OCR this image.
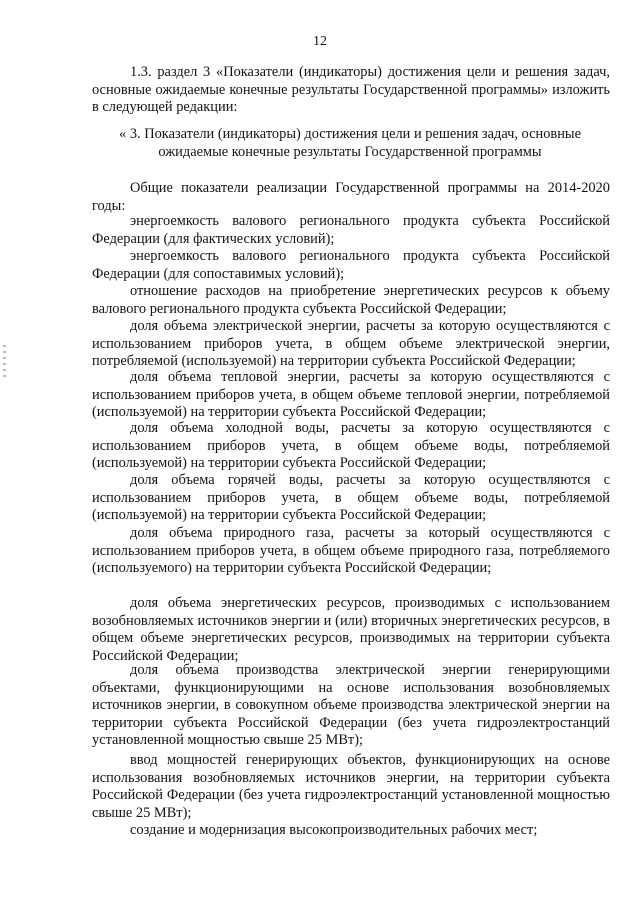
12

1.3. раздел 3 «Показатели (индикаторы) достижения цели и решения задач, основные ожидаемые конечные результаты Государственной программы» изложить в следующей редакции:

« 3. Показатели (индикаторы) достижения цели и решения задач, основные ожидаемые конечные результаты Государственной программы

Общие показатели реализации Государственной программы на 2014-2020 годы:

энергоемкость валового регионального продукта субъекта Российской Федерации (для фактических условий);

энергоемкость валового регионального продукта субъекта Российской Федерации (для сопоставимых условий);

отношение расходов на приобретение энергетических ресурсов к объему валового регионального продукта субъекта Российской Федерации;

доля объема электрической энергии, расчеты за которую осуществляются с использованием приборов учета, в общем объеме электрической энергии, потребляемой (используемой) на территории субъекта Российской Федерации;

доля объема тепловой энергии, расчеты за которую осуществляются с использованием приборов учета, в общем объеме тепловой энергии, потребляемой (используемой) на территории субъекта Российской Федерации;

доля объема холодной воды, расчеты за которую осуществляются с использованием приборов учета, в общем объеме воды, потребляемой (используемой) на территории субъекта Российской Федерации;

доля объема горячей воды, расчеты за которую осуществляются с использованием приборов учета, в общем объеме воды, потребляемой (используемой) на территории субъекта Российской Федерации;

доля объема природного газа, расчеты за который осуществляются с использованием приборов учета, в общем объеме природного газа, потребляемого (используемого) на территории субъекта Российской Федерации;

доля объема энергетических ресурсов, производимых с использованием возобновляемых источников энергии и (или) вторичных энергетических ресурсов, в общем объеме энергетических ресурсов, производимых на территории субъекта Российской Федерации;

доля объема производства электрической энергии генерирующими объектами, функционирующими на основе использования возобновляемых источников энергии, в совокупном объеме производства электрической энергии на территории субъекта Российской Федерации (без учета гидроэлектростанций установленной мощностью свыше 25 МВт);

ввод мощностей генерирующих объектов, функционирующих на основе использования возобновляемых источников энергии, на территории субъекта Российской Федерации (без учета гидроэлектростанций установленной мощностью свыше 25 МВт);

создание и модернизация высокопроизводительных рабочих мест;
